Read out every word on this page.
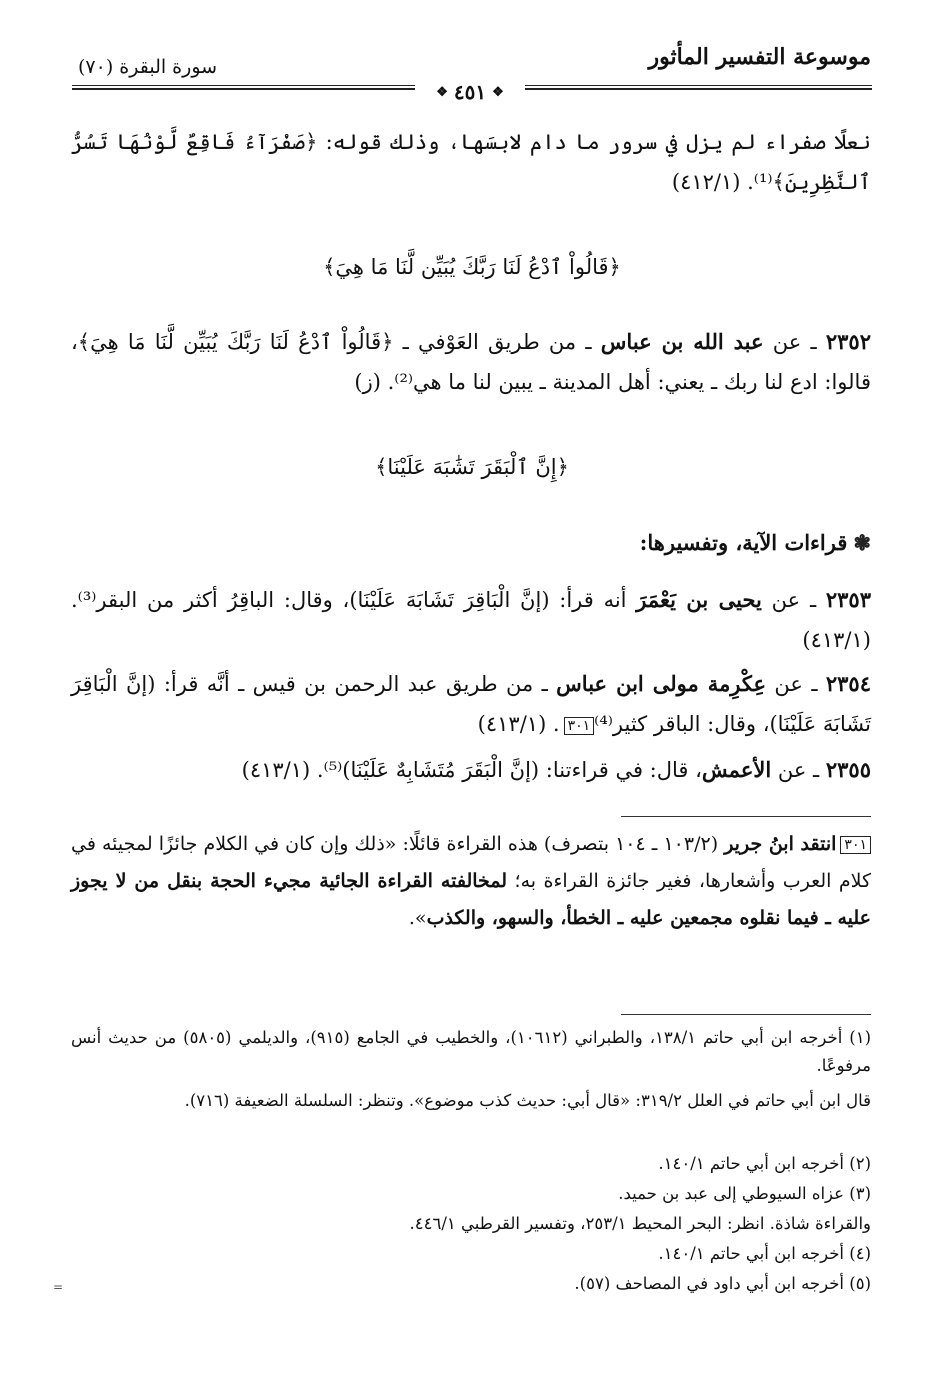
موسوعة التفسير المأثور
سورة البقرة (٧٠)
❖ ٤٥١ ❖
نعلًا صفراء لم يزل في سرور ما دام لابسَها، وذلك قوله: ﴿صَفْرَآءُ فَاقِعٌ لَّوْنُهَا تَسُرُّ ٱلنَّظِرِينَ﴾⁽¹⁾. (٤١٢/١)
﴿قَالُواْ ٱدْعُ لَنَا رَبَّكَ يُبَيِّن لَّنَا مَا هِيَ﴾
٢٣٥٢ ـ عن عبد الله بن عباس ـ من طريق العَوْفي ـ ﴿قَالُواْ ٱدْعُ لَنَا رَبَّكَ يُبَيِّن لَّنَا مَا هِيَ﴾، قالوا: ادع لنا ربك ـ يعني: أهل المدينة ـ يبين لنا ما هي⁽²⁾. (ز)
﴿إِنَّ ٱلْبَقَرَ تَشَٰبَهَ عَلَيْنَا﴾
❃قراءات الآية، وتفسيرها:
٢٣٥٣ ـ عن يحيى بن يَعْمَرَ أنه قرأ: (إنَّ الْبَاقِرَ تَشَابَهَ عَلَيْنَا)، وقال: الباقِرُ أكثر من البقر⁽³⁾. (٤١٣/١)
٢٣٥٤ ـ عن عِكْرِمة مولى ابن عباس ـ من طريق عبد الرحمن بن قيس ـ أنَّه قرأ: (إنَّ الْبَاقِرَ تَشَابَهَ عَلَيْنَا)، وقال: الباقر كثير⁽⁴⁾٣٠١. (٤١٣/١)
٢٣٥٥ ـ عن الأعمش، قال: في قراءتنا: (إنَّ الْبَقَرَ مُتَشَابِهٌ عَلَيْنَا)⁽⁵⁾. (٤١٣/١)
٣٠١انتقد ابنُ جرير (١٠٣/٢ ـ ١٠٤ بتصرف) هذه القراءة قائلًا: «ذلك وإن كان في الكلام جائزًا لمجيئه في كلام العرب وأشعارها، فغير جائزة القراءة به؛ لمخالفته القراءة الجائية مجيء الحجة بنقل من لا يجوز عليه ـ فيما نقلوه مجمعين عليه ـ الخطأ، والسهو، والكذب».
(١) أخرجه ابن أبي حاتم ١٣٨/١، والطبراني (١٠٦١٢)، والخطيب في الجامع (٩١٥)، والديلمي (٥٨٠٥) من حديث أنس مرفوعًا.
قال ابن أبي حاتم في العلل ٣١٩/٢: «قال أبي: حديث كذب موضوع». وتنظر: السلسلة الضعيفة (٧١٦).
(٢) أخرجه ابن أبي حاتم ١٤٠/١.
(٣) عزاه السيوطي إلى عبد بن حميد.
والقراءة شاذة. انظر: البحر المحيط ٢٥٣/١، وتفسير القرطبي ٤٤٦/١.
(٤) أخرجه ابن أبي حاتم ١٤٠/١.
(٥) أخرجه ابن أبي داود في المصاحف (٥٧).
=
